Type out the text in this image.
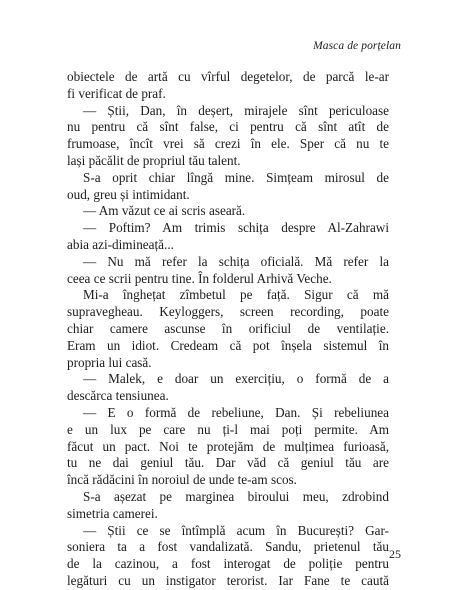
Masca de porțelan
obiectele de artă cu vîrful degetelor, de parcă le-ar
fi verificat de praf.
— Știi, Dan, în deșert, mirajele sînt periculoase
nu pentru că sînt false, ci pentru că sînt atît de
frumoase, încît vrei să crezi în ele. Sper că nu te
lași păcălit de propriul tău talent.
S-a oprit chiar lîngă mine. Simțeam mirosul de
oud, greu și intimidant.
— Am văzut ce ai scris aseară.
— Poftim? Am trimis schița despre Al-Zahrawi
abia azi-dimineață...
— Nu mă refer la schița oficială. Mă refer la
ceea ce scrii pentru tine. În folderul Arhivă Veche.
Mi-a înghețat zîmbetul pe față. Sigur că mă
supravegheau. Keyloggers, screen recording, poate
chiar camere ascunse în orificiul de ventilație.
Eram un idiot. Credeam că pot înșela sistemul în
propria lui casă.
— Malek, e doar un exercițiu, o formă de a
descărca tensiunea.
— E o formă de rebeliune, Dan. Și rebeliunea
e un lux pe care nu ți-l mai poți permite. Am
făcut un pact. Noi te protejăm de mulțimea furioasă,
tu ne dai geniul tău. Dar văd că geniul tău are
încă rădăcini în noroiul de unde te-am scos.
S-a așezat pe marginea biroului meu, zdrobind
simetria camerei.
— Știi ce se întîmplă acum în București? Gar-
soniera ta a fost vandalizată. Sandu, prietenul tău
de la cazinou, a fost interogat de poliție pentru
legături cu un instigator terorist. Iar Fane te caută
25
